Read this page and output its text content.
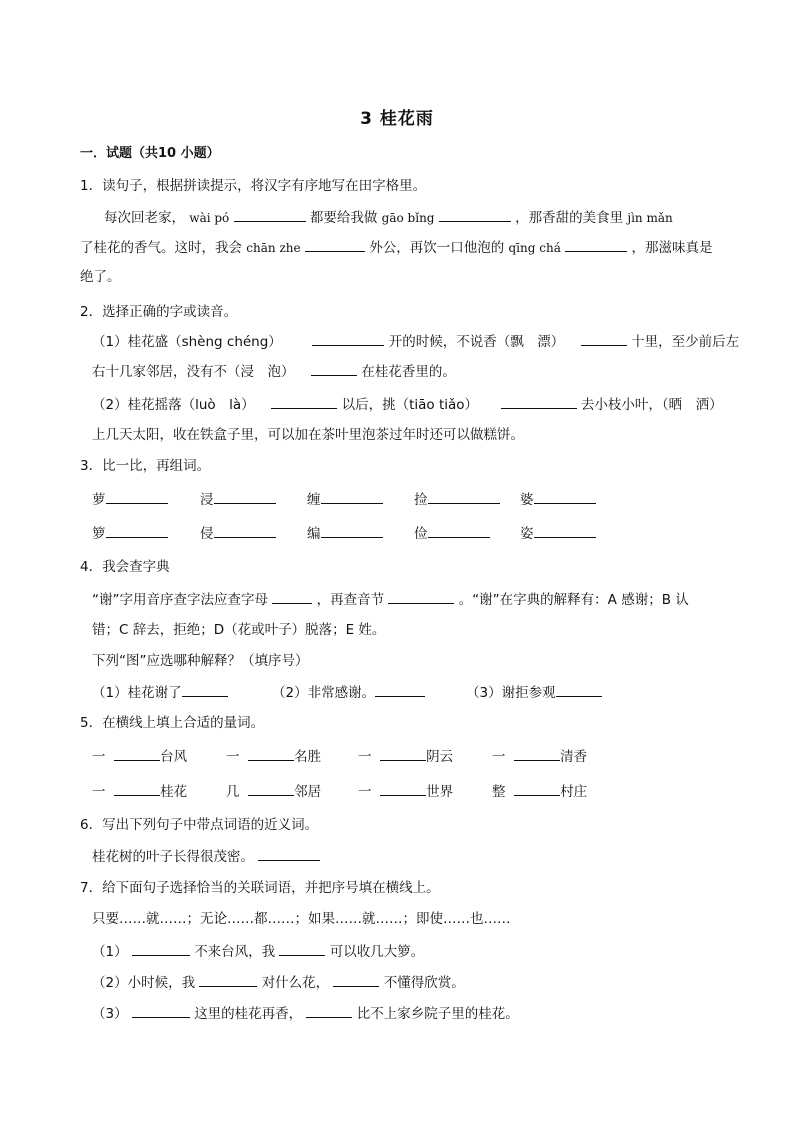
3 桂花雨
一．试题（共10 小题）
1．读句子，根据拼读提示，将汉字有序地写在田字格里。
每次回老家， wài pó	都要给我做 gāo bǐng	，那香甜的美食里 jìn mǎn
了桂花的香气。这时，我会 chān zhe	外公，再饮一口他泡的 qīng chá	，那滋味真是
绝了。
2．选择正确的字或读音。
（1）桂花盛（shèng chéng）	开的时候，不说香（飘　漂）	十里，至少前后左
右十几家邻居，没有不（浸　泡）	在桂花香里的。
（2）桂花摇落（luò　là）	以后，挑（tiāo tiǎo）	去小枝小叶，（晒　洒）
上几天太阳，收在铁盒子里，可以加在茶叶里泡茶过年时还可以做糕饼。
3．比一比，再组词。
萝	浸	缠	捡	婆
箩	侵	编	俭	姿
4．我会查字典
“谢”字用音序查字法应查字母	，再查音节	。“谢”在字典的解释有：A 感谢；B 认
错；C 辞去，拒绝；D（花或叶子）脱落；E 姓。
下列“图”应选哪种解释？（填序号）
（1）桂花谢了	（2）非常感谢。	（3）谢拒参观
5．在横线上填上合适的量词。
一	台风	一	名胜	一	阴云	一	清香
一	桂花	几	邻居	一	世界	整	村庄
6．写出下列句子中带点词语的近义词。
桂花树的叶子长得很茂密。
7．给下面句子选择恰当的关联词语，并把序号填在横线上。
只要……就……；无论……都……；如果……就……；即使……也……
（1）	不来台风，我	可以收几大箩。
（2）小时候，我	对什么花，	不懂得欣赏。
（3）	这里的桂花再香，	比不上家乡院子里的桂花。
